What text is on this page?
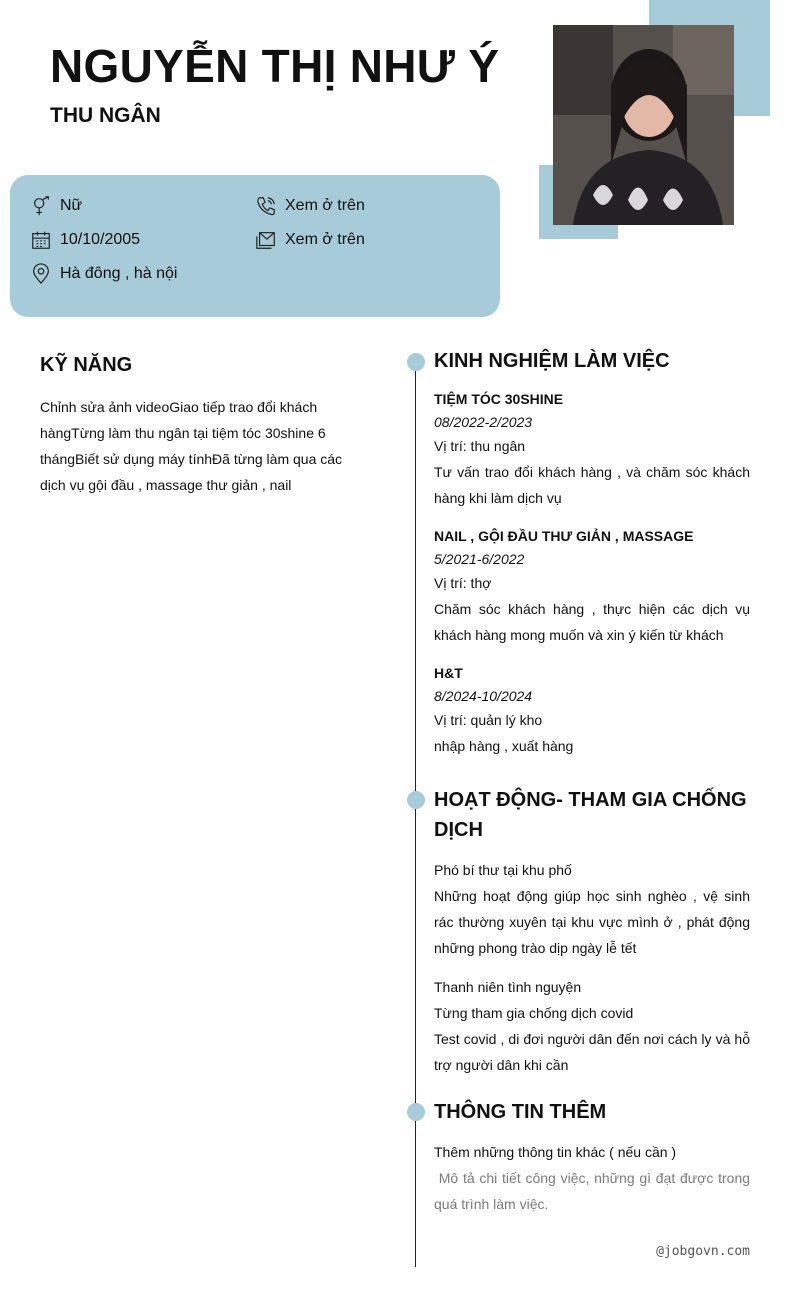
NGUYỄN THỊ NHƯ Ý
THU NGÂN
Nữ
10/10/2005
Hà đông , hà nội
Xem ở trên
Xem ở trên
KỸ NĂNG

Chỉnh sửa ảnh videoGiao tiếp trao đổi khách hàngTừng làm thu ngân tại tiệm tóc 30shine 6 thángBiết sử dụng máy tínhĐã từng làm qua các dịch vụ gội đầu , massage thư giản , nail

KINH NGHIỆM LÀM VIỆC

TIỆM TÓC 30SHINE

08/2022-2/2023

Vị trí: thu ngân

Tư vấn trao đổi khách hàng , và chăm sóc khách hàng khi làm dịch vụ

NAIL , GỘI ĐẦU THƯ GIẢN , MASSAGE

5/2021-6/2022

Vị trí: thợ

Chăm sóc khách hàng , thực hiện các dịch vụ khách hàng mong muốn và xin ý kiến từ khách

H&T

8/2024-10/2024

Vị trí: quản lý kho

nhập hàng , xuất hàng

HOẠT ĐỘNG- THAM GIA CHỐNG DỊCH

Phó bí thư tại khu phố

Những hoạt động giúp học sinh nghèo , vệ sinh rác thường xuyên tại khu vực mình ở , phát động những phong trào dịp ngày lễ tết

Thanh niên tình nguyện

Từng tham gia chống dịch covid

Test covid , di đơi người dân đến nơi cách ly và hỗ trợ người dân khi cần

THÔNG TIN THÊM

Thêm những thông tin khác ( nếu cần )

Mô tả chi tiết công việc, những gì đạt được trong quá trình làm việc.

@jobgovn.com
